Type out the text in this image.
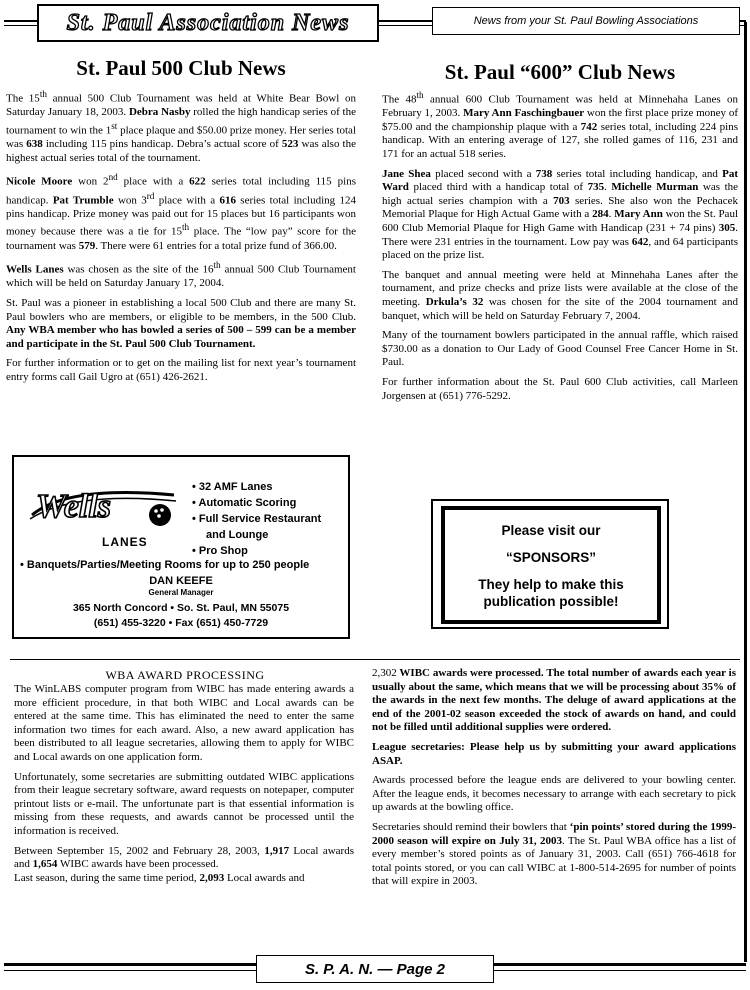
St. Paul Association News	News from your St. Paul Bowling Associations
St. Paul 500 Club News

The 15th annual 500 Club Tournament was held at White Bear Bowl on Saturday January 18, 2003. Debra Nasby rolled the high handicap series of the tournament to win the 1st place plaque and $50.00 prize money. Her series total was 638 including 115 pins handicap. Debra’s actual score of 523 was also the highest actual series total of the tournament.

Nicole Moore won 2nd place with a 622 series total including 115 pins handicap. Pat Trumble won 3rd place with a 616 series total including 124 pins handicap. Prize money was paid out for 15 places but 16 participants won money because there was a tie for 15th place. The “low pay” score for the tournament was 579. There were 61 entries for a total prize fund of 366.00.

Wells Lanes was chosen as the site of the 16th annual 500 Club Tournament which will be held on Saturday January 17, 2004.

St. Paul was a pioneer in establishing a local 500 Club and there are many St. Paul bowlers who are members, or eligible to be members, in the 500 Club. Any WBA member who has bowled a series of 500 – 599 can be a member and participate in the St. Paul 500 Club Tournament.

For further information or to get on the mailing list for next year’s tournament entry forms call Gail Ugro at (651) 426-2621.

St. Paul “600” Club News

The 48th annual 600 Club Tournament was held at Minnehaha Lanes on February 1, 2003. Mary Ann Faschingbauer won the first place prize money of $75.00 and the championship plaque with a 742 series total, including 224 pins handicap. With an entering average of 127, she rolled games of 116, 231 and 171 for an actual 518 series.

Jane Shea placed second with a 738 series total including handicap, and Pat Ward placed third with a handicap total of 735. Michelle Murman was the high actual series champion with a 703 series. She also won the Pechacek Memorial Plaque for High Actual Game with a 284. Mary Ann won the St. Paul 600 Club Memorial Plaque for High Game with Handicap (231 + 74 pins) 305. There were 231 entries in the tournament. Low pay was 642, and 64 participants placed on the prize list.

The banquet and annual meeting were held at Minnehaha Lanes after the tournament, and prize checks and prize lists were available at the close of the meeting. Drkula’s 32 was chosen for the site of the 2004 tournament and banquet, which will be held on Saturday February 7, 2004.

Many of the tournament bowlers participated in the annual raffle, which raised $730.00 as a donation to Our Lady of Good Counsel Free Cancer Home in St. Paul.

For further information about the St. Paul 600 Club activities, call Marleen Jorgensen at (651) 776-5292.

Wells
LANES
• 32 AMF Lanes
• Automatic Scoring
• Full Service Restaurant
and Lounge
• Pro Shop
• Banquets/Parties/Meeting Rooms for up to 250 people
DAN KEEFE
General Manager
365 North Concord • So. St. Paul, MN 55075
(651) 455-3220 • Fax (651) 450-7729
Please visit our
“SPONSORS”
They help to make this publication possible!
WBA AWARD PROCESSING

The WinLABS computer program from WIBC has made entering awards a more efficient procedure, in that both WIBC and Local awards can be entered at the same time. This has eliminated the need to enter the same information two times for each award. Also, a new award application has been distributed to all league secretaries, allowing them to apply for WIBC and Local awards on one application form.

Unfortunately, some secretaries are submitting outdated WIBC applications from their league secretary software, award requests on notepaper, computer printout lists or e-mail. The unfortunate part is that essential information is missing from these requests, and awards cannot be processed until the information is received.

Between September 15, 2002 and February 28, 2003, 1,917 Local awards and 1,654 WIBC awards have been processed.

Last season, during the same time period, 2,093 Local awards and

2,302 WIBC awards were processed. The total number of awards each year is usually about the same, which means that we will be processing about 35% of the awards in the next few months. The deluge of award applications at the end of the 2001-02 season exceeded the stock of awards on hand, and could not be filled until additional supplies were ordered.

League secretaries: Please help us by submitting your award applications ASAP.

Awards processed before the league ends are delivered to your bowling center. After the league ends, it becomes necessary to arrange with each secretary to pick up awards at the bowling office.

Secretaries should remind their bowlers that ‘pin points’ stored during the 1999-2000 season will expire on July 31, 2003. The St. Paul WBA office has a list of every member’s stored points as of January 31, 2003. Call (651) 766-4618 for total points stored, or you can call WIBC at 1-800-514-2695 for number of points that will expire in 2003.

S. P. A. N. — Page 2
